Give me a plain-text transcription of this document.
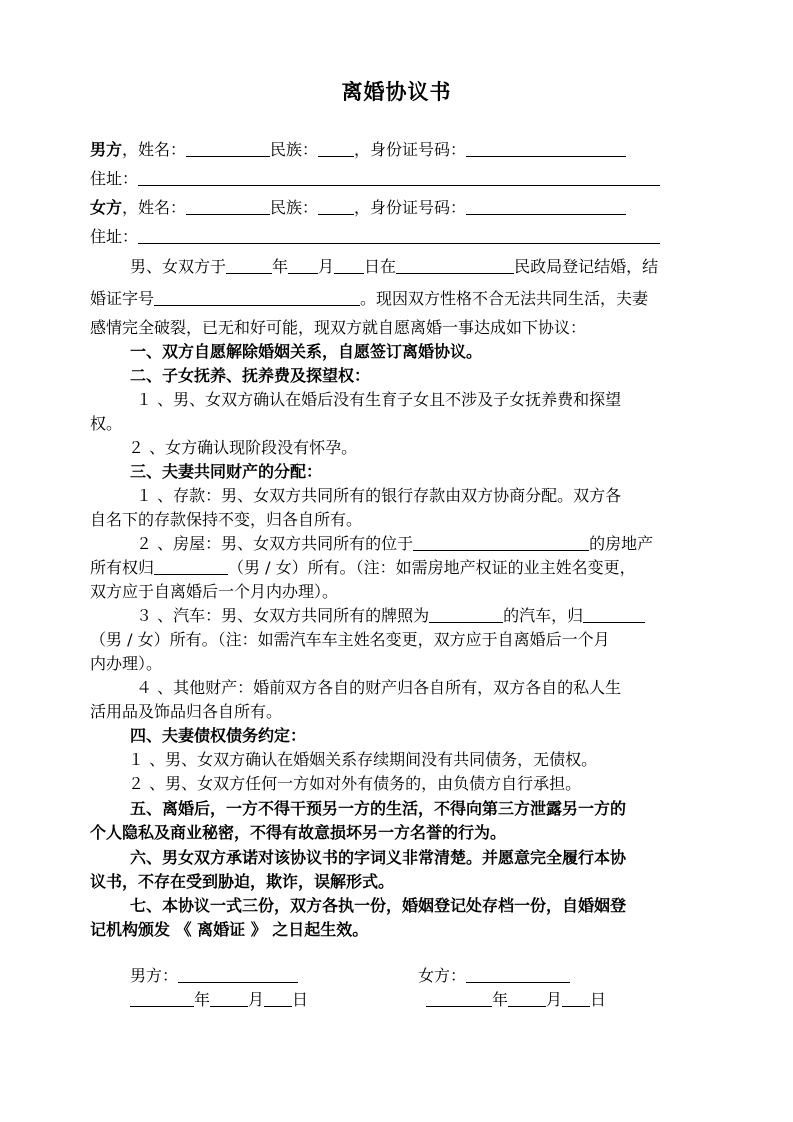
离婚协议书
男方，姓名：	民族： ，身份证号码：
住址：
女方，姓名：	民族： ，身份证号码：
住址：
男、女双方于	年 月 日在	民政局登记结婚，结
婚证字号	。现因双方性格不合无法共同生活，夫妻
感情完全破裂，已无和好可能，现双方就自愿离婚一事达成如下协议：
一、双方自愿解除婚姻关系，自愿签订离婚协议。
二、子女抚养、抚养费及探望权：
１ 、男、女双方确认在婚后没有生育子女且不涉及子女抚养费和探望
权。
２ 、女方确认现阶段没有怀孕。
三、夫妻共同财产的分配：
１ 、存款：男、女双方共同所有的银行存款由双方协商分配。双方各
自名下的存款保持不变，归各自所有。
２ 、房屋：男、女双方共同所有的位于	的房地产
所有权归	（男 / 女）所有。（注：如需房地产权证的业主姓名变更，
双方应于自离婚后一个月内办理）。
３ 、汽车：男、女双方共同所有的牌照为	的汽车，归
（男 / 女）所有。（注：如需汽车车主姓名变更，双方应于自离婚后一个月
内办理）。
４ 、其他财产：婚前双方各自的财产归各自所有，双方各自的私人生
活用品及饰品归各自所有。
四、夫妻债权债务约定：
１ 、男、女双方确认在婚姻关系存续期间没有共同债务，无债权。
２ 、男、女双方任何一方如对外有债务的，由负债方自行承担。
五、离婚后，一方不得干预另一方的生活，不得向第三方泄露另一方的
个人隐私及商业秘密，不得有故意损坏另一方名誉的行为。
六、男女双方承诺对该协议书的字词义非常清楚。并愿意完全履行本协
议书，不存在受到胁迫，欺诈，误解形式。
七、本协议一式三份，双方各执一份，婚姻登记处存档一份，自婚姻登
记机构颁发 《 离婚证 》 之日起生效。
男方：	女方：
年 月 日	年 月 日
